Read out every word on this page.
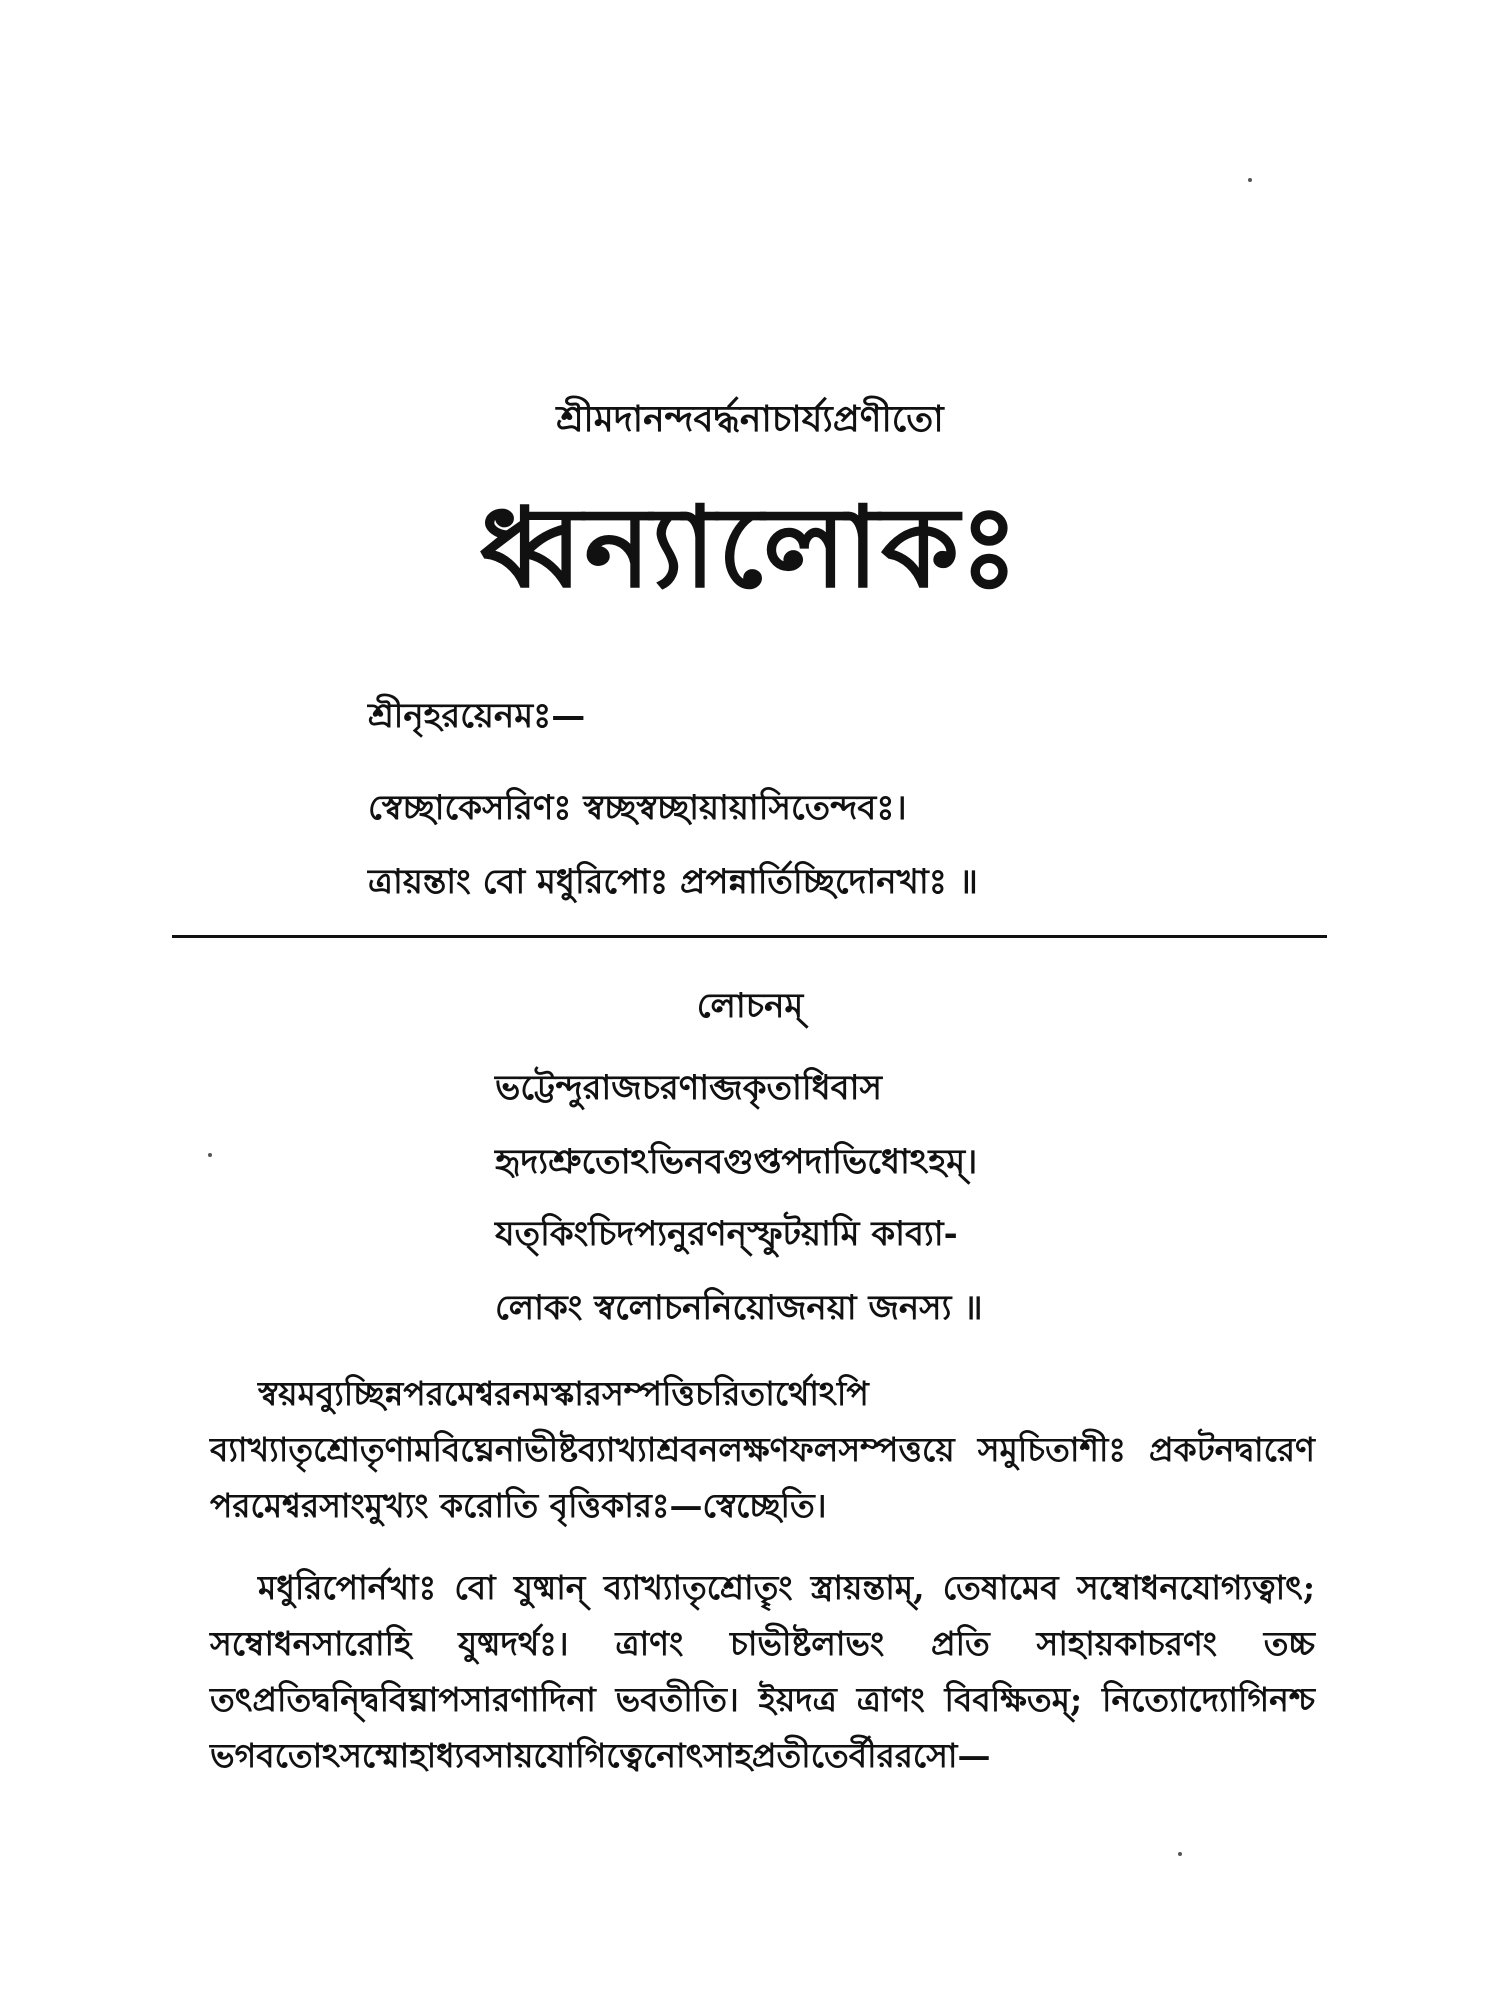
শ্রীমদানন্দবর্দ্ধনাচার্য্যপ্রণীতো
ধ্বন্যালোকঃ
শ্রীনৃহরয়েনমঃ—
স্বেচ্ছাকেসরিণঃ স্বচ্ছস্বচ্ছায়ায়াসিতেন্দবঃ।
ত্রায়ন্তাং বো মধুরিপোঃ প্রপন্নার্তিচ্ছিদোনখাঃ ॥
লোচনম্
ভট্টেন্দুরাজচরণাব্জকৃতাধিবাস
হৃদ্যশ্রুতোঽভিনবগুপ্তপদাভিধোঽহম্।
যত্‌কিংচিদপ্যনুরণন্‌স্ফুটয়ামি কাব্যা-
লোকং স্বলোচননিয়োজনয়া জনস্য ॥

স্বয়মব্যুচ্ছিন্নপরমেশ্বরনমস্কারসম্পত্তিচরিতার্থোঽপি ব্যাখ্যাতৃশ্রোতৃণামবিঘ্নেনাভীষ্টব্যাখ্যাশ্রবনলক্ষণফলসম্পত্তয়ে সমুচিতাশীঃ প্রকটনদ্বারেণ পরমেশ্বরসাংমুখ্যং করোতি বৃত্তিকারঃ—স্বেচ্ছেতি।

মধুরিপোর্নখাঃ বো যুষ্মান্ ব্যাখ্যাতৃশ্রোতৄং স্ত্রায়ন্তাম্, তেষামেব সম্বোধনযোগ্যত্বাৎ; সম্বোধনসারোহি যুষ্মদর্থঃ। ত্রাণং চাভীষ্টলাভং প্রতি সাহায়কাচরণং তচ্চ তৎপ্রতিদ্বন্দ্বিবিঘ্নাপসারণাদিনা ভবতীতি। ইয়দত্র ত্রাণং বিবক্ষিতম্; নিত্যোদ্যোগিনশ্চ ভগবতোঽসম্মোহাধ্যবসায়যোগিত্বেনোৎসাহপ্রতীতের্বীররসো—
